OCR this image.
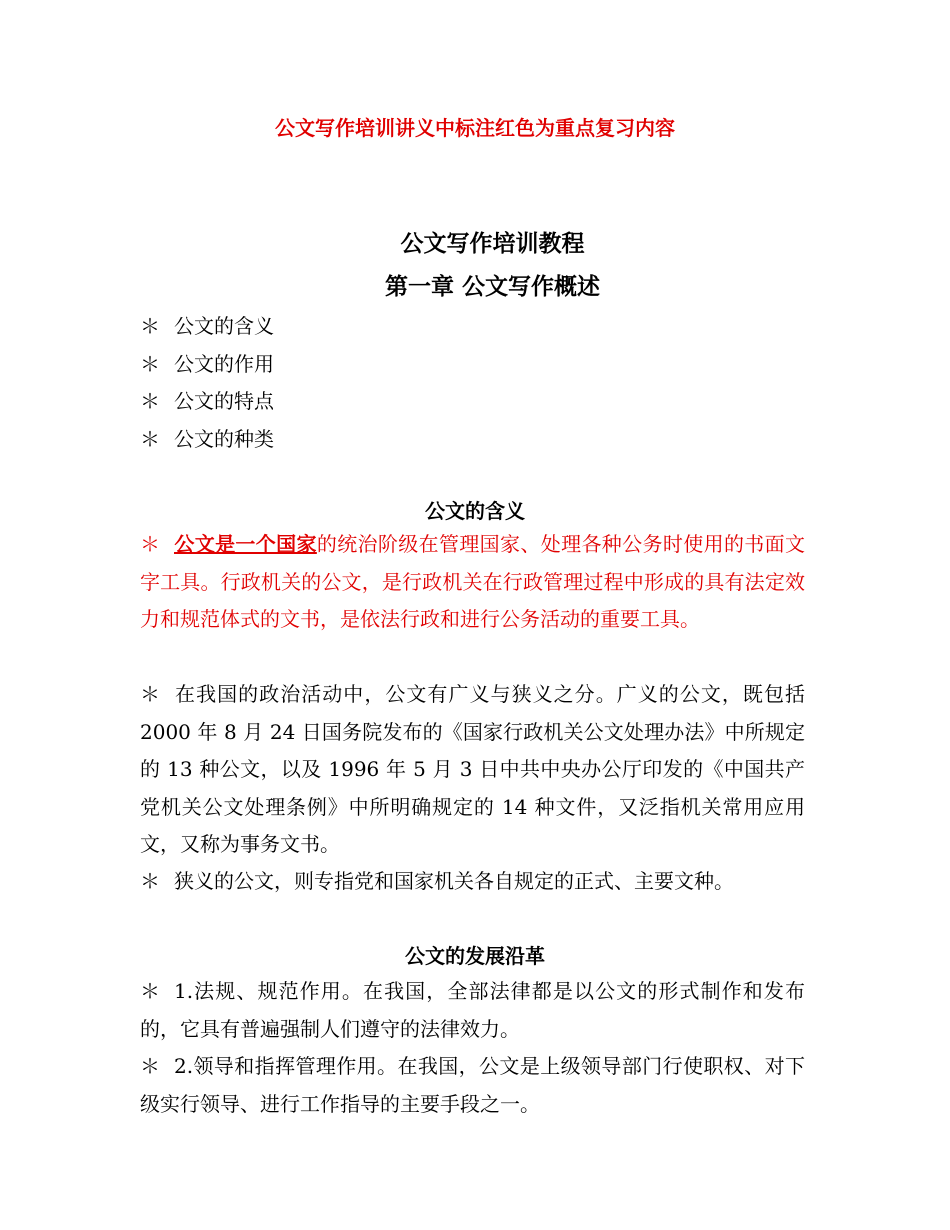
公文写作培训讲义中标注红色为重点复习内容
公文写作培训教程
第一章 公文写作概述
＊ 公文的含义
＊ 公文的作用
＊ 公文的特点
＊ 公文的种类
公文的含义
＊ 公文是一个国家的统治阶级在管理国家、处理各种公务时使用的书面文字工具。行政机关的公文，是行政机关在行政管理过程中形成的具有法定效力和规范体式的文书，是依法行政和进行公务活动的重要工具。
＊ 在我国的政治活动中，公文有广义与狭义之分。广义的公文，既包括 2000 年 8 月 24 日国务院发布的《国家行政机关公文处理办法》中所规定的 13 种公文，以及 1996 年 5 月 3 日中共中央办公厅印发的《中国共产党机关公文处理条例》中所明确规定的 14 种文件，又泛指机关常用应用文，又称为事务文书。
＊ 狭义的公文，则专指党和国家机关各自规定的正式、主要文种。
公文的发展沿革
＊ 1.法规、规范作用。在我国，全部法律都是以公文的形式制作和发布的，它具有普遍强制人们遵守的法律效力。
＊ 2.领导和指挥管理作用。在我国，公文是上级领导部门行使职权、对下级实行领导、进行工作指导的主要手段之一。
